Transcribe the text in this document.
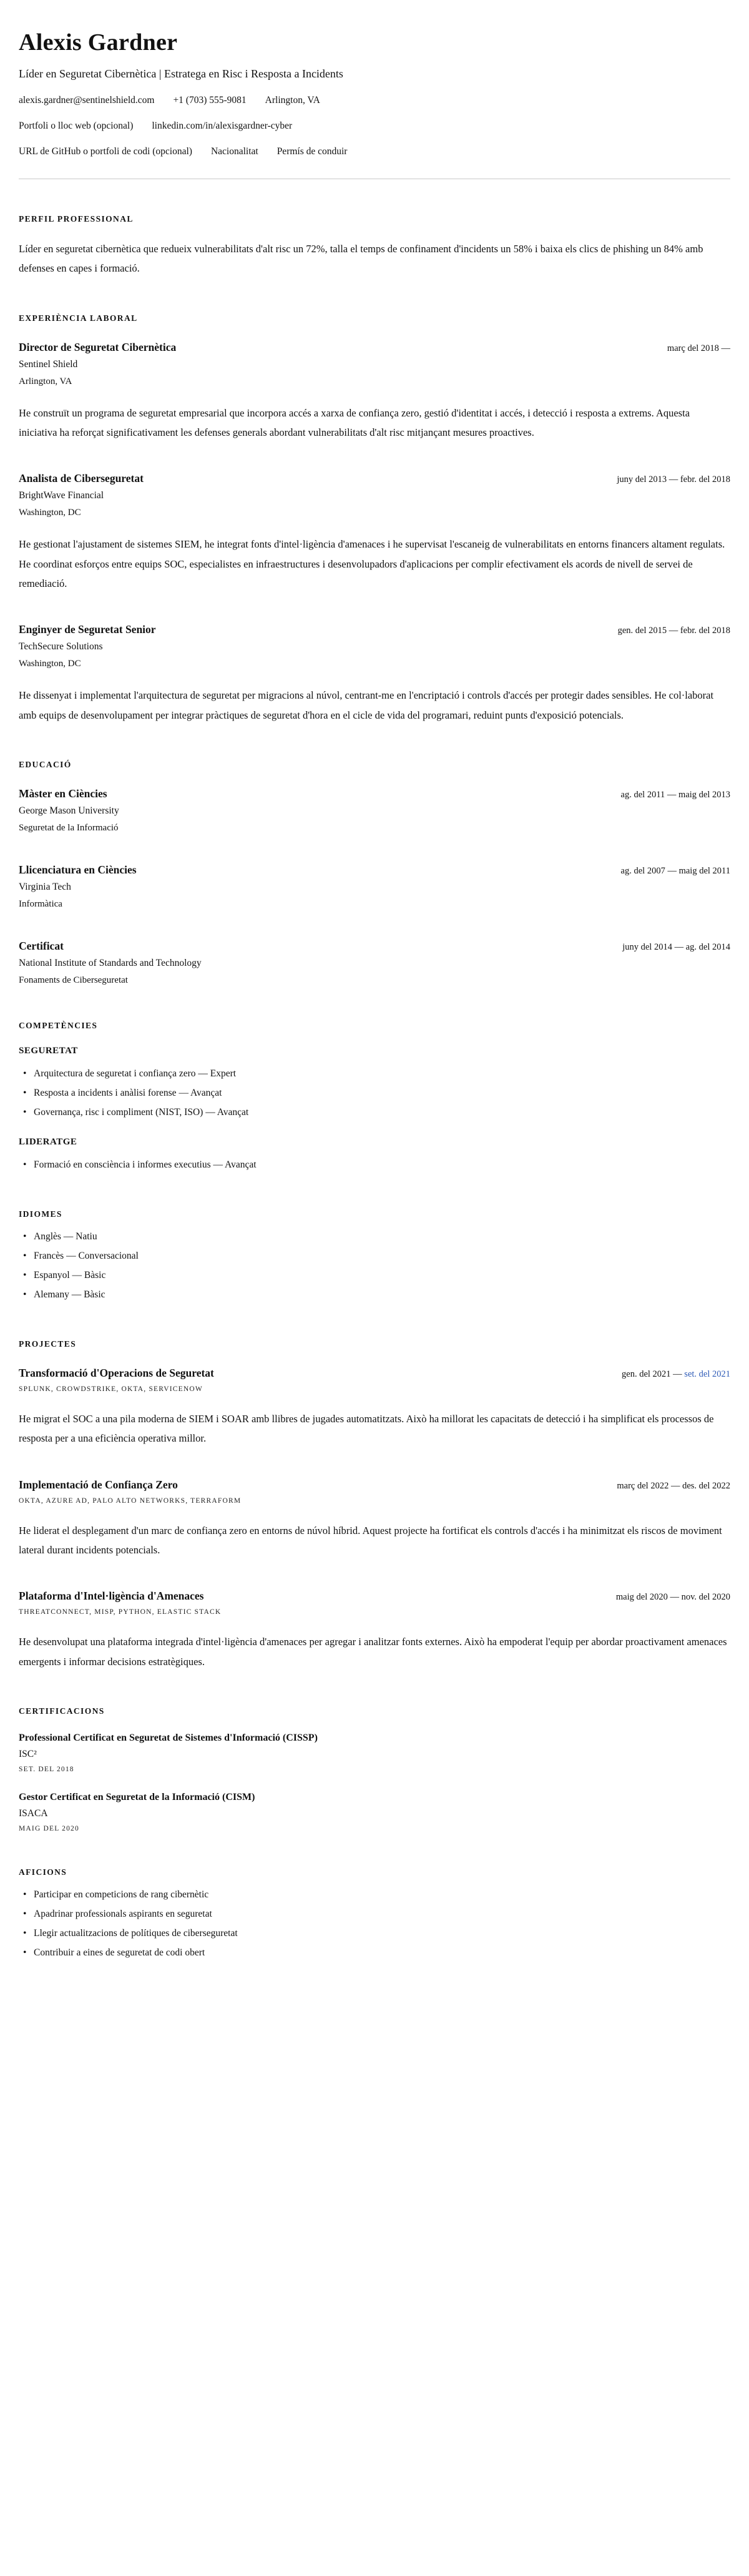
Alexis Gardner
Líder en Seguretat Cibernètica | Estratega en Risc i Resposta a Incidents
alexis.gardner@sentinelshield.com +1 (703) 555-9081 Arlington, VA
Portfoli o lloc web (opcional) linkedin.com/in/alexisgardner-cyber
URL de GitHub o portfoli de codi (opcional) Nacionalitat Permís de conduir
PERFIL PROFESSIONAL

Líder en seguretat cibernètica que redueix vulnerabilitats d'alt risc un 72%, talla el temps de confinament d'incidents un 58% i baixa els clics de phishing un 84% amb defenses en capes i formació.

EXPERIÈNCIA LABORAL
Director de Seguretat Cibernètica	març del 2018 —
Sentinel Shield
Arlington, VA

He construït un programa de seguretat empresarial que incorpora accés a xarxa de confiança zero, gestió d'identitat i accés, i detecció i resposta a extrems. Aquesta iniciativa ha reforçat significativament les defenses generals abordant vulnerabilitats d'alt risc mitjançant mesures proactives.

Analista de Ciberseguretat	juny del 2013 — febr. del 2018
BrightWave Financial
Washington, DC

He gestionat l'ajustament de sistemes SIEM, he integrat fonts d'intel·ligència d'amenaces i he supervisat l'escaneig de vulnerabilitats en entorns financers altament regulats. He coordinat esforços entre equips SOC, especialistes en infraestructures i desenvolupadors d'aplicacions per complir efectivament els acords de nivell de servei de remediació.

Enginyer de Seguretat Senior	gen. del 2015 — febr. del 2018
TechSecure Solutions
Washington, DC

He dissenyat i implementat l'arquitectura de seguretat per migracions al núvol, centrant-me en l'encriptació i controls d'accés per protegir dades sensibles. He col·laborat amb equips de desenvolupament per integrar pràctiques de seguretat d'hora en el cicle de vida del programari, reduint punts d'exposició potencials.

EDUCACIÓ
Màster en Ciències	ag. del 2011 — maig del 2013
George Mason University
Seguretat de la Informació
Llicenciatura en Ciències	ag. del 2007 — maig del 2011
Virginia Tech
Informàtica
Certificat	juny del 2014 — ag. del 2014
National Institute of Standards and Technology
Fonaments de Ciberseguretat
COMPETÈNCIES
SEGURETAT
• Arquitectura de seguretat i confiança zero — Expert
• Resposta a incidents i anàlisi forense — Avançat
• Governança, risc i compliment (NIST, ISO) — Avançat
LIDERATGE
• Formació en consciència i informes executius — Avançat
IDIOMES
• Anglès — Natiu
• Francès — Conversacional
• Espanyol — Bàsic
• Alemany — Bàsic
PROJECTES
Transformació d'Operacions de Seguretat	gen. del 2021 — set. del 2021
SPLUNK, CROWDSTRIKE, OKTA, SERVICENOW

He migrat el SOC a una pila moderna de SIEM i SOAR amb llibres de jugades automatitzats. Això ha millorat les capacitats de detecció i ha simplificat els processos de resposta per a una eficiència operativa millor.

Implementació de Confiança Zero	març del 2022 — des. del 2022
OKTA, AZURE AD, PALO ALTO NETWORKS, TERRAFORM

He liderat el desplegament d'un marc de confiança zero en entorns de núvol híbrid. Aquest projecte ha fortificat els controls d'accés i ha minimitzat els riscos de moviment lateral durant incidents potencials.

Plataforma d'Intel·ligència d'Amenaces	maig del 2020 — nov. del 2020
THREATCONNECT, MISP, PYTHON, ELASTIC STACK

He desenvolupat una plataforma integrada d'intel·ligència d'amenaces per agregar i analitzar fonts externes. Això ha empoderat l'equip per abordar proactivament amenaces emergents i informar decisions estratègiques.

CERTIFICACIONS
Professional Certificat en Seguretat de Sistemes d'Informació (CISSP)
ISC²
SET. DEL 2018
Gestor Certificat en Seguretat de la Informació (CISM)
ISACA
MAIG DEL 2020
AFICIONS
• Participar en competicions de rang cibernètic
• Apadrinar professionals aspirants en seguretat
• Llegir actualitzacions de polítiques de ciberseguretat
• Contribuir a eines de seguretat de codi obert
